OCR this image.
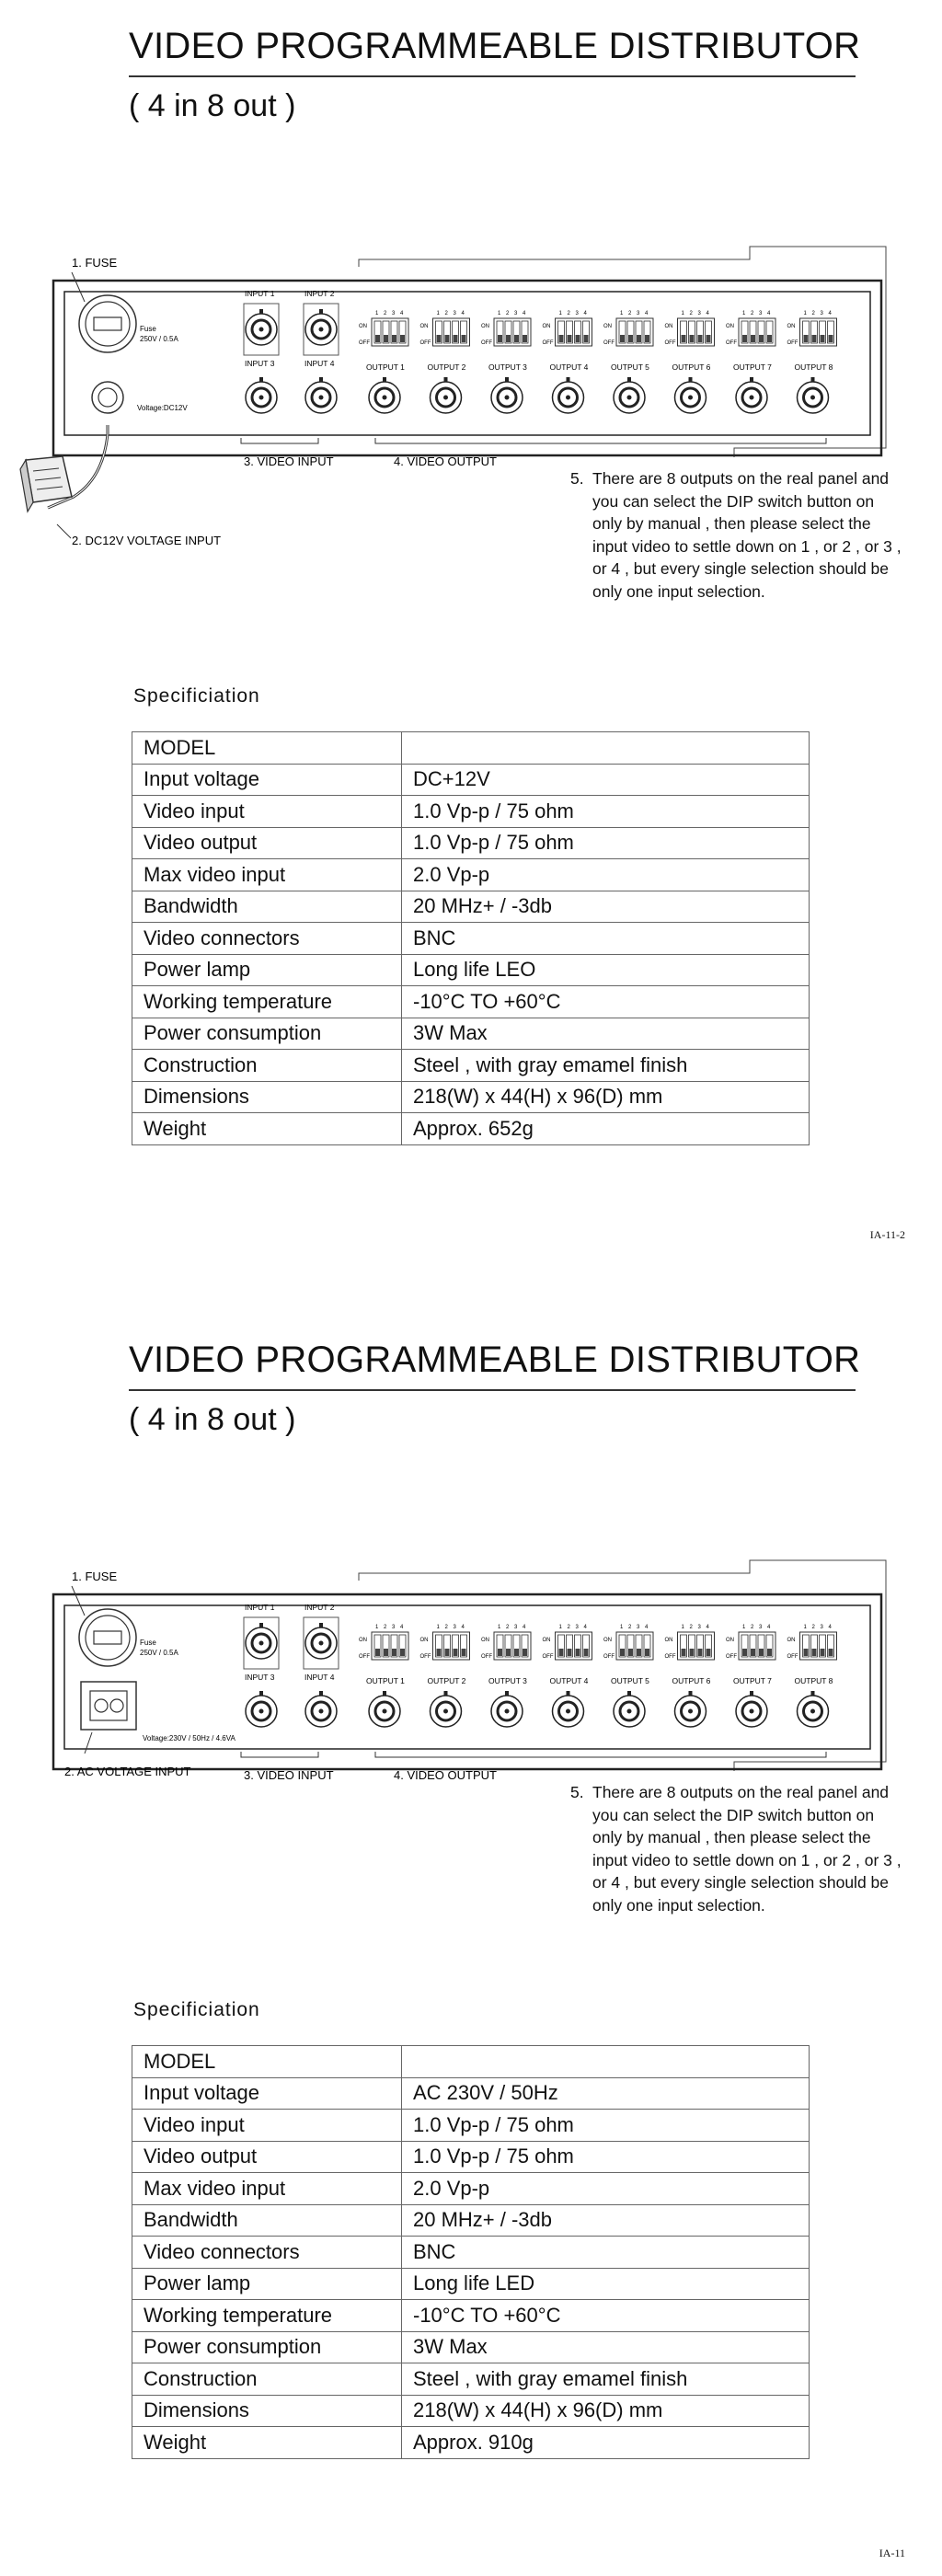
VIDEO PROGRAMMEABLE DISTRIBUTOR
( 4 in 8 out )
1. FUSE
Fuse
250V / 0.5A
Voltage:DC12V
2. DC12V VOLTAGE INPUT
INPUT 1	INPUT 2
INPUT 3	INPUT 4	OUTPUT 1	OUTPUT 2	OUTPUT 3	OUTPUT 4	OUTPUT 5	OUTPUT 6	OUTPUT 7	OUTPUT 8
ON
OFF
1 2 3 4
ON
OFF
1 2 3 4
ON
OFF
1 2 3 4
ON
OFF
1 2 3 4
ON
OFF
1 2 3 4
ON
OFF
1 2 3 4
ON
OFF
1 2 3 4
ON
OFF
1 2 3 4
3. VIDEO INPUT	4. VIDEO OUTPUT
5. There are 8 outputs on the real panel and you can select the DIP switch button on only by manual , then please select the input video to settle down on 1 , or 2 , or 3 , or 4 , but every single selection should be only one input selection.
Specificiation
MODEL	
Input voltage	DC+12V
Video input	1.0 Vp-p / 75 ohm
Video output	1.0 Vp-p / 75 ohm
Max video input	2.0 Vp-p
Bandwidth	20 MHz+ / -3db
Video connectors	BNC
Power lamp	Long life LEO
Working temperature	-10°C TO +60°C
Power consumption	3W Max
Construction	Steel , with gray emamel finish
Dimensions	218(W) x 44(H) x 96(D) mm
Weight	Approx. 652g
IA-11-2
VIDEO PROGRAMMEABLE DISTRIBUTOR
( 4 in 8 out )
1. FUSE
Fuse
250V / 0.5A
Voltage:230V / 50Hz / 4.6VA
2. AC VOLTAGE INPUT
INPUT 1	INPUT 2
INPUT 3	INPUT 4	OUTPUT 1	OUTPUT 2	OUTPUT 3	OUTPUT 4	OUTPUT 5	OUTPUT 6	OUTPUT 7	OUTPUT 8
ON
OFF
1 2 3 4
ON
OFF
1 2 3 4
ON
OFF
1 2 3 4
ON
OFF
1 2 3 4
ON
OFF
1 2 3 4
ON
OFF
1 2 3 4
ON
OFF
1 2 3 4
ON
OFF
1 2 3 4
3. VIDEO INPUT	4. VIDEO OUTPUT
5. There are 8 outputs on the real panel and you can select the DIP switch button on only by manual , then please select the input video to settle down on 1 , or 2 , or 3 , or 4 , but every single selection should be only one input selection.
Specificiation
MODEL	
Input voltage	AC 230V / 50Hz
Video input	1.0 Vp-p / 75 ohm
Video output	1.0 Vp-p / 75 ohm
Max video input	2.0 Vp-p
Bandwidth	20 MHz+ / -3db
Video connectors	BNC
Power lamp	Long life LED
Working temperature	-10°C TO +60°C
Power consumption	3W Max
Construction	Steel , with gray emamel finish
Dimensions	218(W) x 44(H) x 96(D) mm
Weight	Approx. 910g
IA-11
